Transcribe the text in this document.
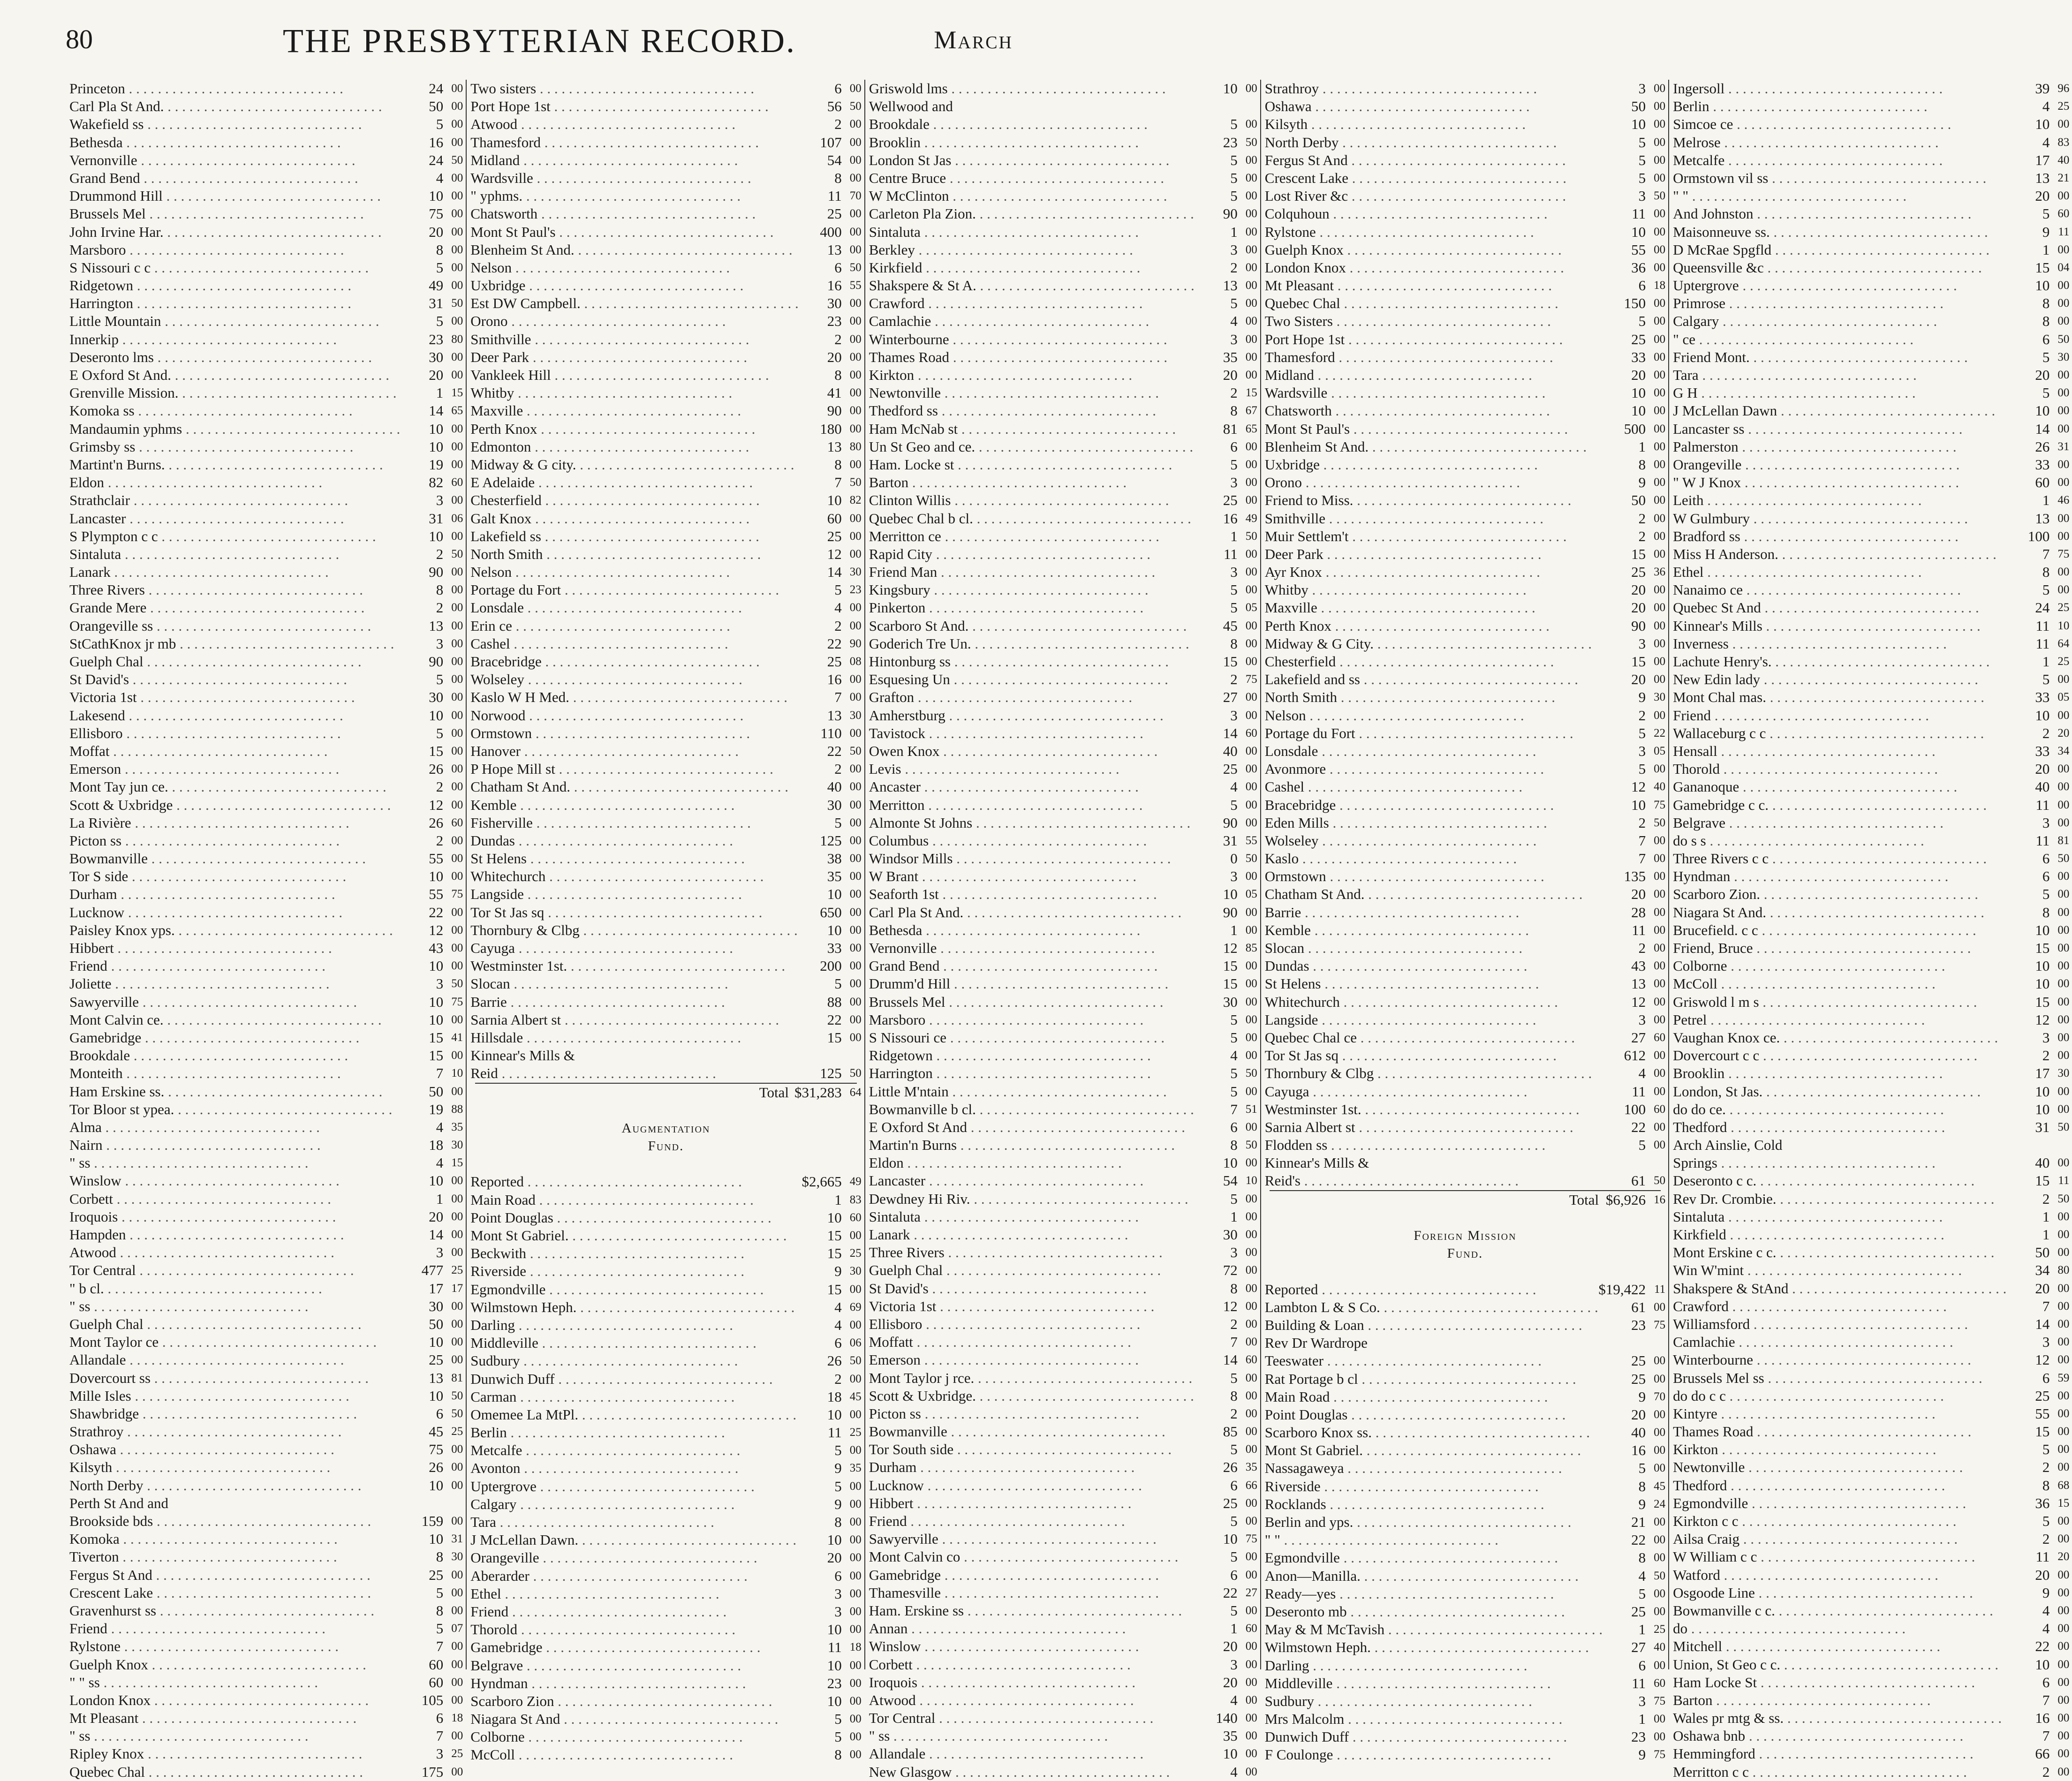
80	THE PRESBYTERIAN RECORD.	March
Princeton . . .	24 00
Carl Pla St And. . . .	50 00
Wakefield ss . . .	5 00
Bethesda . . .	16 00
Vernonville . . .	24 50
Grand Bend . . .	4 00
Drummond Hill . . .	10 00
Brussels Mel . . .	75 00
John Irvine Har. . . .	20 00
Marsboro . . .	8 00
S Nissouri c c . . .	5 00
Ridgetown . . .	49 00
Harrington . . .	31 50
Little Mountain . . .	5 00
Innerkip . . .	23 80
Deseronto lms . . .	30 00
E Oxford St And. . . .	20 00
Grenville Mission. . . .	1 15
Komoka ss . . .	14 65
Mandaumin yphms . . .	10 00
Grimsby ss . . .	10 00
Martint'n Burns. . . .	19 00
Eldon . . .	82 60
Strathclair . . .	3 00
Lancaster . . .	31 06
S Plympton c c . . .	10 00
Sintaluta . . .	2 50
Lanark . . .	90 00
Three Rivers . . .	8 00
Grande Mere . . .	2 00
Orangeville ss . . .	13 00
StCathKnox jr mb . . .	3 00
Guelph Chal . . .	90 00
St David's . . .	5 00
Victoria 1st . . .	30 00
Lakesend . . .	10 00
Ellisboro . . .	5 00
Moffat . . .	15 00
Emerson . . .	26 00
Mont Tay jun ce. . . .	2 00
Scott & Uxbridge . . .	12 00
La Rivière . . .	26 60
Picton ss . . .	2 00
Bowmanville . . .	55 00
Tor S side . . .	10 00
Durham . . .	55 75
Lucknow . . .	22 00
Paisley Knox yps. . . .	12 00
Hibbert . . .	43 00
Friend . . .	10 00
Joliette . . .	3 50
Sawyerville . . .	10 75
Mont Calvin ce. . . .	10 00
Gamebridge . . .	15 41
Brookdale . . .	15 00
Monteith . . .	7 10
Ham Erskine ss. . . .	50 00
Tor Bloor st ypea. . . .	19 88
Alma . . .	4 35
Nairn . . .	18 30
" ss . . .	4 15
Winslow . . .	10 00
Corbett . . .	1 00
Iroquois . . .	20 00
Hampden . . .	14 00
Atwood . . .	3 00
Tor Central . . .	477 25
" b cl. . . .	17 17
" ss . . .	30 00
Guelph Chal . . .	50 00
Mont Taylor ce . . .	10 00
Allandale . . .	25 00
Dovercourt ss . . .	13 81
Mille Isles . . .	10 50
Shawbridge . . .	6 50
Strathroy . . .	45 25
Oshawa . . .	75 00
Kilsyth . . .	26 00
North Derby . . .	10 00
Perth St And and
Brookside bds . . .	159 00
Komoka . . .	10 31
Tiverton . . .	8 30
Fergus St And . . .	25 00
Crescent Lake . . .	5 00
Gravenhurst ss . . .	8 00
Friend . . .	5 07
Rylstone . . .	7 00
Guelph Knox . . .	60 00
" " ss . . .	60 00
London Knox . . .	105 00
Mt Pleasant . . .	6 18
" ss . . .	7 00
Ripley Knox . . .	3 25
Quebec Chal . . .	175 00
Two sisters . . .	6 00
Port Hope 1st . . .	56 50
Atwood . . .	2 00
Thamesford . . .	107 00
Midland . . .	54 00
Wardsville . . .	8 00
" yphms. . . .	11 70
Chatsworth . . .	25 00
Mont St Paul's . . .	400 00
Blenheim St And. . . .	13 00
Nelson . . .	6 50
Uxbridge . . .	16 55
Est DW Campbell. . . .	30 00
Orono . . .	23 00
Smithville . . .	2 00
Deer Park . . .	20 00
Vankleek Hill . . .	8 00
Whitby . . .	41 00
Maxville . . .	90 00
Perth Knox . . .	180 00
Edmonton . . .	13 80
Midway & G city. . . .	8 00
E Adelaide . . .	7 50
Chesterfield . . .	10 82
Galt Knox . . .	60 00
Lakefield ss . . .	25 00
North Smith . . .	12 00
Nelson . . .	14 30
Portage du Fort . . .	5 23
Lonsdale . . .	4 00
Erin ce . . .	2 00
Cashel . . .	22 90
Bracebridge . . .	25 08
Wolseley . . .	16 00
Kaslo W H Med. . . .	7 00
Norwood . . .	13 30
Ormstown . . .	110 00
Hanover . . .	22 50
P Hope Mill st . . .	2 00
Chatham St And. . . .	40 00
Kemble . . .	30 00
Fisherville . . .	5 00
Dundas . . .	125 00
St Helens . . .	38 00
Whitechurch . . .	35 00
Langside . . .	10 00
Tor St Jas sq . . .	650 00
Thornbury & Clbg . . .	10 00
Cayuga . . .	33 00
Westminster 1st. . . .	200 00
Slocan . . .	5 00
Barrie . . .	88 00
Sarnia Albert st . . .	22 00
Hillsdale . . .	15 00
Kinnear's Mills &
Reid . . .	125 50
Total $31,283 64
Augmentation
Fund.
Reported . . .	$2,665 49
Main Road . . .	1 83
Point Douglas . . .	10 60
Mont St Gabriel. . . .	15 00
Beckwith . . .	15 25
Riverside . . .	9 30
Egmondville . . .	15 00
Wilmstown Heph. . . .	4 69
Darling . . .	4 00
Middleville . . .	6 06
Sudbury . . .	26 50
Dunwich Duff . . .	2 00
Carman . . .	18 45
Omemee La MtPl. . . .	10 00
Berlin . . .	11 25
Metcalfe . . .	5 00
Avonton . . .	9 35
Uptergrove . . .	5 00
Calgary . . .	9 00
Tara . . .	8 00
J McLellan Dawn. . . .	10 00
Orangeville . . .	20 00
Aberarder . . .	6 00
Ethel . . .	3 00
Friend . . .	3 00
Thorold . . .	10 00
Gamebridge . . .	11 18
Belgrave . . .	10 00
Hyndman . . .	23 00
Scarboro Zion . . .	10 00
Niagara St And . . .	5 00
Colborne . . .	5 00
McColl . . .	8 00
Griswold lms . . .	10 00
Wellwood and
Brookdale . . .	5 00
Brooklin . . .	23 50
London St Jas . . .	5 00
Centre Bruce . . .	5 00
W McClinton . . .	5 00
Carleton Pla Zion. . . .	90 00
Sintaluta . . .	1 00
Berkley . . .	3 00
Kirkfield . . .	2 00
Shakspere & St A. . . .	13 00
Crawford . . .	5 00
Camlachie . . .	4 00
Winterbourne . . .	3 00
Thames Road . . .	35 00
Kirkton . . .	20 00
Newtonville . . .	2 15
Thedford ss . . .	8 67
Ham McNab st . . .	81 65
Un St Geo and ce. . . .	6 00
Ham. Locke st . . .	5 00
Barton . . .	3 00
Clinton Willis . . .	25 00
Quebec Chal b cl. . . .	16 49
Merritton ce . . .	1 50
Rapid City . . .	11 00
Friend Man . . .	3 00
Kingsbury . . .	5 00
Pinkerton . . .	5 05
Scarboro St And. . . .	45 00
Goderich Tre Un. . . .	8 00
Hintonburg ss . . .	15 00
Esquesing Un . . .	2 75
Grafton . . .	27 00
Amherstburg . . .	3 00
Tavistock . . .	14 60
Owen Knox . . .	40 00
Levis . . .	25 00
Ancaster . . .	4 00
Merritton . . .	5 00
Almonte St Johns . . .	90 00
Columbus . . .	31 55
Windsor Mills . . .	0 50
W Brant . . .	3 00
Seaforth 1st . . .	10 05
Carl Pla St And. . . .	90 00
Bethesda . . .	1 00
Vernonville . . .	12 85
Grand Bend . . .	15 00
Drumm'd Hill . . .	15 00
Brussels Mel . . .	30 00
Marsboro . . .	5 00
S Nissouri ce . . .	5 00
Ridgetown . . .	4 00
Harrington . . .	5 50
Little M'ntain . . .	5 00
Bowmanville b cl. . . .	7 51
E Oxford St And . . .	6 00
Martin'n Burns . . .	8 50
Eldon . . .	10 00
Lancaster . . .	54 10
Dewdney Hi Riv. . . .	5 00
Sintaluta . . .	1 00
Lanark . . .	30 00
Three Rivers . . .	3 00
Guelph Chal . . .	72 00
St David's . . .	8 00
Victoria 1st . . .	12 00
Ellisboro . . .	2 00
Moffatt . . .	7 00
Emerson . . .	14 60
Mont Taylor j rce. . . .	5 00
Scott & Uxbridge. . . .	8 00
Picton ss . . .	2 00
Bowmanville . . .	85 00
Tor South side . . .	5 00
Durham . . .	26 35
Lucknow . . .	6 66
Hibbert . . .	25 00
Friend . . .	5 00
Sawyerville . . .	10 75
Mont Calvin co . . .	5 00
Gamebridge . . .	6 00
Thamesville . . .	22 27
Ham. Erskine ss . . .	5 00
Annan . . .	1 60
Winslow . . .	20 00
Corbett . . .	3 00
Iroquois . . .	20 00
Atwood . . .	4 00
Tor Central . . .	140 00
" ss . . .	35 00
Allandale . . .	10 00
New Glasgow . . .	4 00
Strathroy . . .	3 00
Oshawa . . .	50 00
Kilsyth . . .	10 00
North Derby . . .	5 00
Fergus St And . . .	5 00
Crescent Lake . . .	5 00
Lost River &c . . .	3 50
Colquhoun . . .	11 00
Rylstone . . .	10 00
Guelph Knox . . .	55 00
London Knox . . .	36 00
Mt Pleasant . . .	6 18
Quebec Chal . . .	150 00
Two Sisters . . .	5 00
Port Hope 1st . . .	25 00
Thamesford . . .	33 00
Midland . . .	20 00
Wardsville . . .	10 00
Chatsworth . . .	10 00
Mont St Paul's . . .	500 00
Blenheim St And. . . .	1 00
Uxbridge . . .	8 00
Orono . . .	9 00
Friend to Miss. . . .	50 00
Smithville . . .	2 00
Muir Settlem't . . .	2 00
Deer Park . . .	15 00
Ayr Knox . . .	25 36
Whitby . . .	20 00
Maxville . . .	20 00
Perth Knox . . .	90 00
Midway & G City. . . .	3 00
Chesterfield . . .	15 00
Lakefield and ss . . .	20 00
North Smith . . .	9 30
Nelson . . .	2 00
Portage du Fort . . .	5 22
Lonsdale . . .	3 05
Avonmore . . .	5 00
Cashel . . .	12 40
Bracebridge . . .	10 75
Eden Mills . . .	2 50
Wolseley . . .	7 00
Kaslo . . .	7 00
Ormstown . . .	135 00
Chatham St And. . . .	20 00
Barrie . . .	28 00
Kemble . . .	11 00
Slocan . . .	2 00
Dundas . . .	43 00
St Helens . . .	13 00
Whitechurch . . .	12 00
Langside . . .	3 00
Quebec Chal ce . . .	27 60
Tor St Jas sq . . .	612 00
Thornbury & Clbg . . .	4 00
Cayuga . . .	11 00
Westminster 1st. . . .	100 60
Sarnia Albert st . . .	22 00
Flodden ss . . .	5 00
Kinnear's Mills &
Reid's . . .	61 50
Total $6,926 16
Foreign Mission
Fund.
Reported . . .	$19,422 11
Lambton L & S Co. . . .	61 00
Building & Loan . . .	23 75
Rev Dr Wardrope
Teeswater . . .	25 00
Rat Portage b cl . . .	25 00
Main Road . . .	9 70
Point Douglas . . .	20 00
Scarboro Knox ss. . . .	40 00
Mont St Gabriel. . . .	16 00
Nassagaweya . . .	5 00
Riverside . . .	8 45
Rocklands . . .	9 24
Berlin and yps. . . .	21 00
" " . . .	22 00
Egmondville . . .	8 00
Anon—Manilla. . . .	4 50
Ready—yes . . .	5 00
Deseronto mb . . .	25 00
May & M McTavish . . .	1 25
Wilmstown Heph. . . .	27 40
Darling . . .	6 00
Middleville . . .	11 60
Sudbury . . .	3 75
Mrs Malcolm . . .	1 00
Dunwich Duff . . .	23 00
F Coulonge . . .	9 75
Ingersoll . . .	39 96
Berlin . . .	4 25
Simcoe ce . . .	10 00
Melrose . . .	4 83
Metcalfe . . .	17 40
Ormstown vil ss . . .	13 21
" " . . .	20 00
And Johnston . . .	5 60
Maisonneuve ss. . . .	9 11
D McRae Spgfld . . .	1 00
Queensville &c . . .	15 04
Uptergrove . . .	10 00
Primrose . . .	8 00
Calgary . . .	8 00
" ce . . .	6 50
Friend Mont. . . .	5 30
Tara . . .	20 00
G H . . .	5 00
J McLellan Dawn . . .	10 00
Lancaster ss . . .	14 00
Palmerston . . .	26 31
Orangeville . . .	33 00
" W J Knox . . .	60 00
Leith . . .	1 46
W Gulmbury . . .	13 00
Bradford ss . . .	100 00
Miss H Anderson. . . .	7 75
Ethel . . .	8 00
Nanaimo ce . . .	5 00
Quebec St And . . .	24 25
Kinnear's Mills . . .	11 10
Inverness . . .	11 64
Lachute Henry's. . . .	1 25
New Edin lady . . .	5 00
Mont Chal mas. . . .	33 05
Friend . . .	10 00
Wallaceburg c c . . .	2 20
Hensall . . .	33 34
Thorold . . .	20 00
Gananoque . . .	40 00
Gamebridge c c. . . .	11 00
Belgrave . . .	3 00
do s s . . .	11 81
Three Rivers c c . . .	6 50
Hyndman . . .	6 00
Scarboro Zion. . . .	5 00
Niagara St And. . . .	8 00
Brucefield. c c . . .	10 00
Friend, Bruce . . .	15 00
Colborne . . .	10 00
McColl . . .	10 00
Griswold l m s . . .	15 00
Petrel . . .	12 00
Vaughan Knox ce. . . .	3 00
Dovercourt c c . . .	2 00
Brooklin . . .	17 30
London, St Jas. . . .	10 00
do do ce. . . .	10 00
Thedford . . .	31 50
Arch Ainslie, Cold
Springs . . .	40 00
Deseronto c c. . . .	15 11
Rev Dr. Crombie. . . .	2 50
Sintaluta . . .	1 00
Kirkfield . . .	1 00
Mont Erskine c c. . . .	50 00
Win W'mint . . .	34 80
Shakspere & StAnd . . .	20 00
Crawford . . .	7 00
Williamsford . . .	14 00
Camlachie . . .	3 00
Winterbourne . . .	12 00
Brussels Mel ss . . .	6 59
do do c c . . .	25 00
Kintyre . . .	55 00
Thames Road . . .	15 00
Kirkton . . .	5 00
Newtonville . . .	2 00
Thedford . . .	8 68
Egmondville . . .	36 15
Kirkton c c . . .	5 00
Ailsa Craig . . .	2 00
W William c c . . .	11 20
Watford . . .	20 00
Osgoode Line . . .	9 00
Bowmanville c c. . . .	4 00
do . . .	4 00
Mitchell . . .	22 00
Union, St Geo c c. . . .	10 00
Ham Locke St . . .	6 00
Barton . . .	7 00
Wales pr mtg & ss. . . .	16 00
Oshawa bnb . . .	7 00
Hemmingford . . .	66 00
Merritton c c . . .	2 00
